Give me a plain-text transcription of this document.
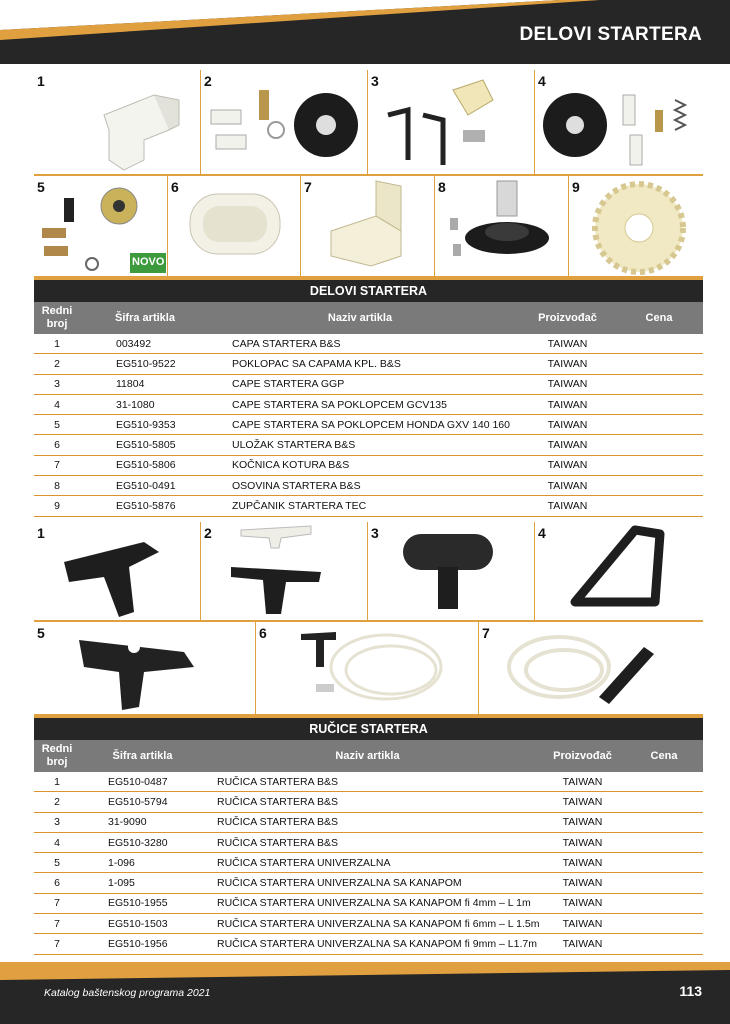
DELOVI STARTERA
1	2	3	4
5
NOVO
6	7	8	9
DELOVI STARTERA
Redni broj
Šifra artikla	Naziv artikla	Proizvođač	Cena
1	003492	CAPA STARTERA B&S	TAIWAN
2	EG510-9522	POKLOPAC SA CAPAMA KPL. B&S	TAIWAN
3	11804	CAPE STARTERA GGP	TAIWAN
4	31-1080	CAPE STARTERA SA POKLOPCEM GCV135	TAIWAN
5	EG510-9353	CAPE STARTERA SA POKLOPCEM HONDA GXV 140 160	TAIWAN
6	EG510-5805	ULOŽAK STARTERA B&S	TAIWAN
7	EG510-5806	KOČNICA KOTURA B&S	TAIWAN
8	EG510-0491	OSOVINA STARTERA B&S	TAIWAN
9	EG510-5876	ZUPČANIK STARTERA TEC	TAIWAN
1	2	3	4
5	6	7
RUČICE STARTERA
Redni broj
Šifra artikla	Naziv artikla	Proizvođač	Cena
1	EG510-0487	RUČICA STARTERA B&S	TAIWAN
2	EG510-5794	RUČICA STARTERA B&S	TAIWAN
3	31-9090	RUČICA STARTERA B&S	TAIWAN
4	EG510-3280	RUČICA STARTERA B&S	TAIWAN
5	1-096	RUČICA STARTERA UNIVERZALNA	TAIWAN
6	1-095	RUČICA STARTERA UNIVERZALNA SA KANAPOM	TAIWAN
7	EG510-1955	RUČICA STARTERA UNIVERZALNA SA KANAPOM fi 4mm – L 1m	TAIWAN
7	EG510-1503	RUČICA STARTERA UNIVERZALNA SA KANAPOM fi 6mm – L 1.5m	TAIWAN
7	EG510-1956	RUČICA STARTERA UNIVERZALNA SA KANAPOM fi 9mm – L1.7m	TAIWAN
Katalog baštenskog programa 2021	113
